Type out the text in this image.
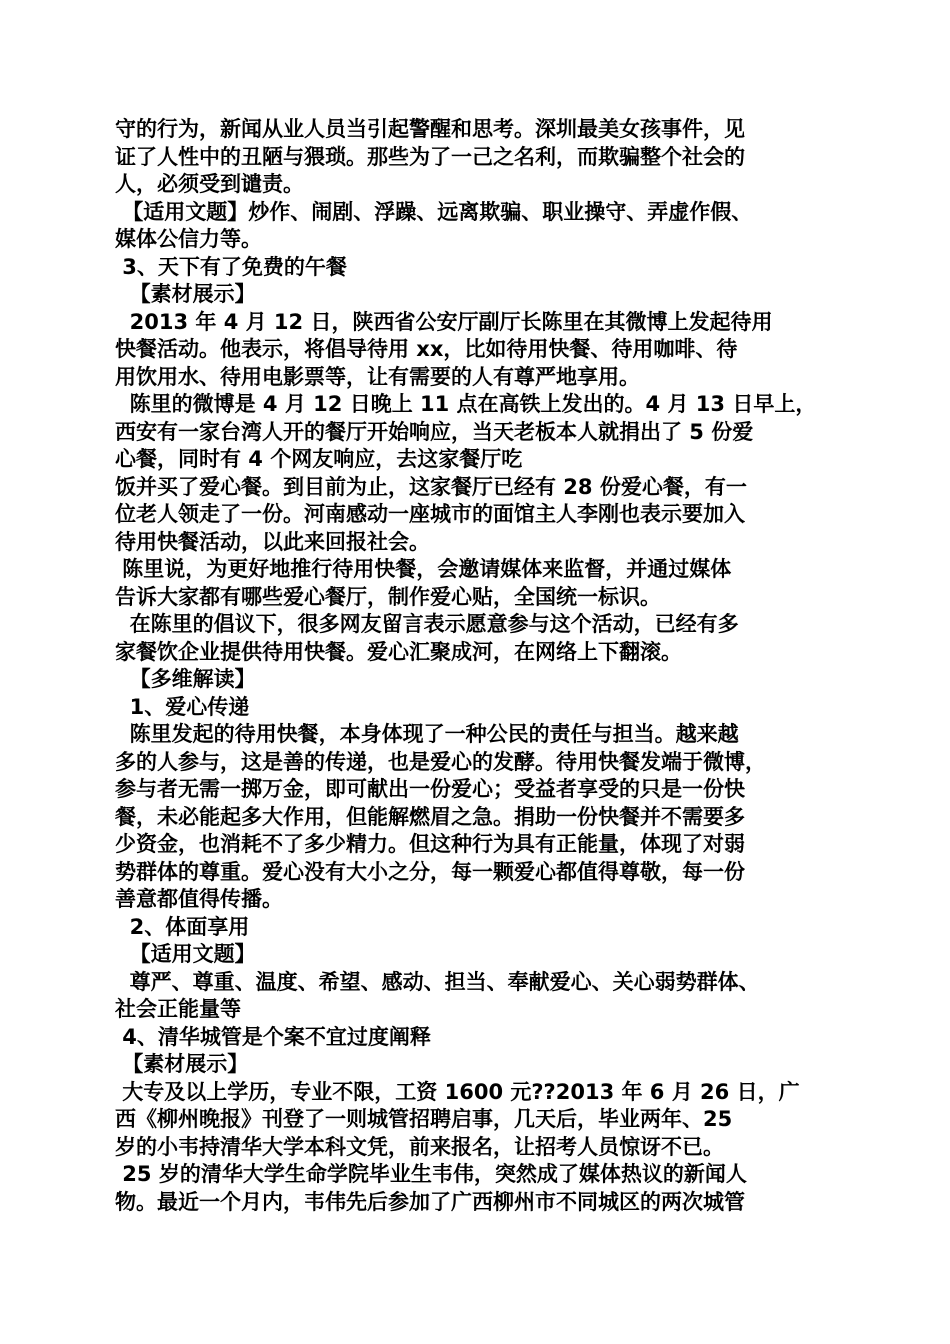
守的行为，新闻从业人员当引起警醒和思考。深圳最美女孩事件，见
证了人性中的丑陋与猥琐。那些为了一己之名利，而欺骗整个社会的
人，必须受到谴责。
【适用文题】炒作、闹剧、浮躁、远离欺骗、职业操守、弄虚作假、
媒体公信力等。
3、天下有了免费的午餐
【素材展示】
2013 年 4 月 12 日，陕西省公安厅副厅长陈里在其微博上发起待用
快餐活动。他表示，将倡导待用 xx，比如待用快餐、待用咖啡、待
用饮用水、待用电影票等，让有需要的人有尊严地享用。
陈里的微博是 4 月 12 日晚上 11 点在高铁上发出的。4 月 13 日早上，
西安有一家台湾人开的餐厅开始响应，当天老板本人就捐出了 5 份爱
心餐，同时有 4 个网友响应，去这家餐厅吃
饭并买了爱心餐。到目前为止，这家餐厅已经有 28 份爱心餐，有一
位老人领走了一份。河南感动一座城市的面馆主人李刚也表示要加入
待用快餐活动，以此来回报社会。
陈里说，为更好地推行待用快餐，会邀请媒体来监督，并通过媒体
告诉大家都有哪些爱心餐厅，制作爱心贴，全国统一标识。
在陈里的倡议下，很多网友留言表示愿意参与这个活动，已经有多
家餐饮企业提供待用快餐。爱心汇聚成河，在网络上下翻滚。
【多维解读】
1、爱心传递
陈里发起的待用快餐，本身体现了一种公民的责任与担当。越来越
多的人参与，这是善的传递，也是爱心的发酵。待用快餐发端于微博，
参与者无需一掷万金，即可献出一份爱心；受益者享受的只是一份快
餐，未必能起多大作用，但能解燃眉之急。捐助一份快餐并不需要多
少资金，也消耗不了多少精力。但这种行为具有正能量，体现了对弱
势群体的尊重。爱心没有大小之分，每一颗爱心都值得尊敬，每一份
善意都值得传播。
2、体面享用
【适用文题】
尊严、尊重、温度、希望、感动、担当、奉献爱心、关心弱势群体、
社会正能量等
4、清华城管是个案不宜过度阐释
【素材展示】
大专及以上学历，专业不限，工资 1600 元??2013 年 6 月 26 日，广
西《柳州晚报》刊登了一则城管招聘启事，几天后，毕业两年、25
岁的小韦持清华大学本科文凭，前来报名，让招考人员惊讶不已。
25 岁的清华大学生命学院毕业生韦伟，突然成了媒体热议的新闻人
物。最近一个月内，韦伟先后参加了广西柳州市不同城区的两次城管
